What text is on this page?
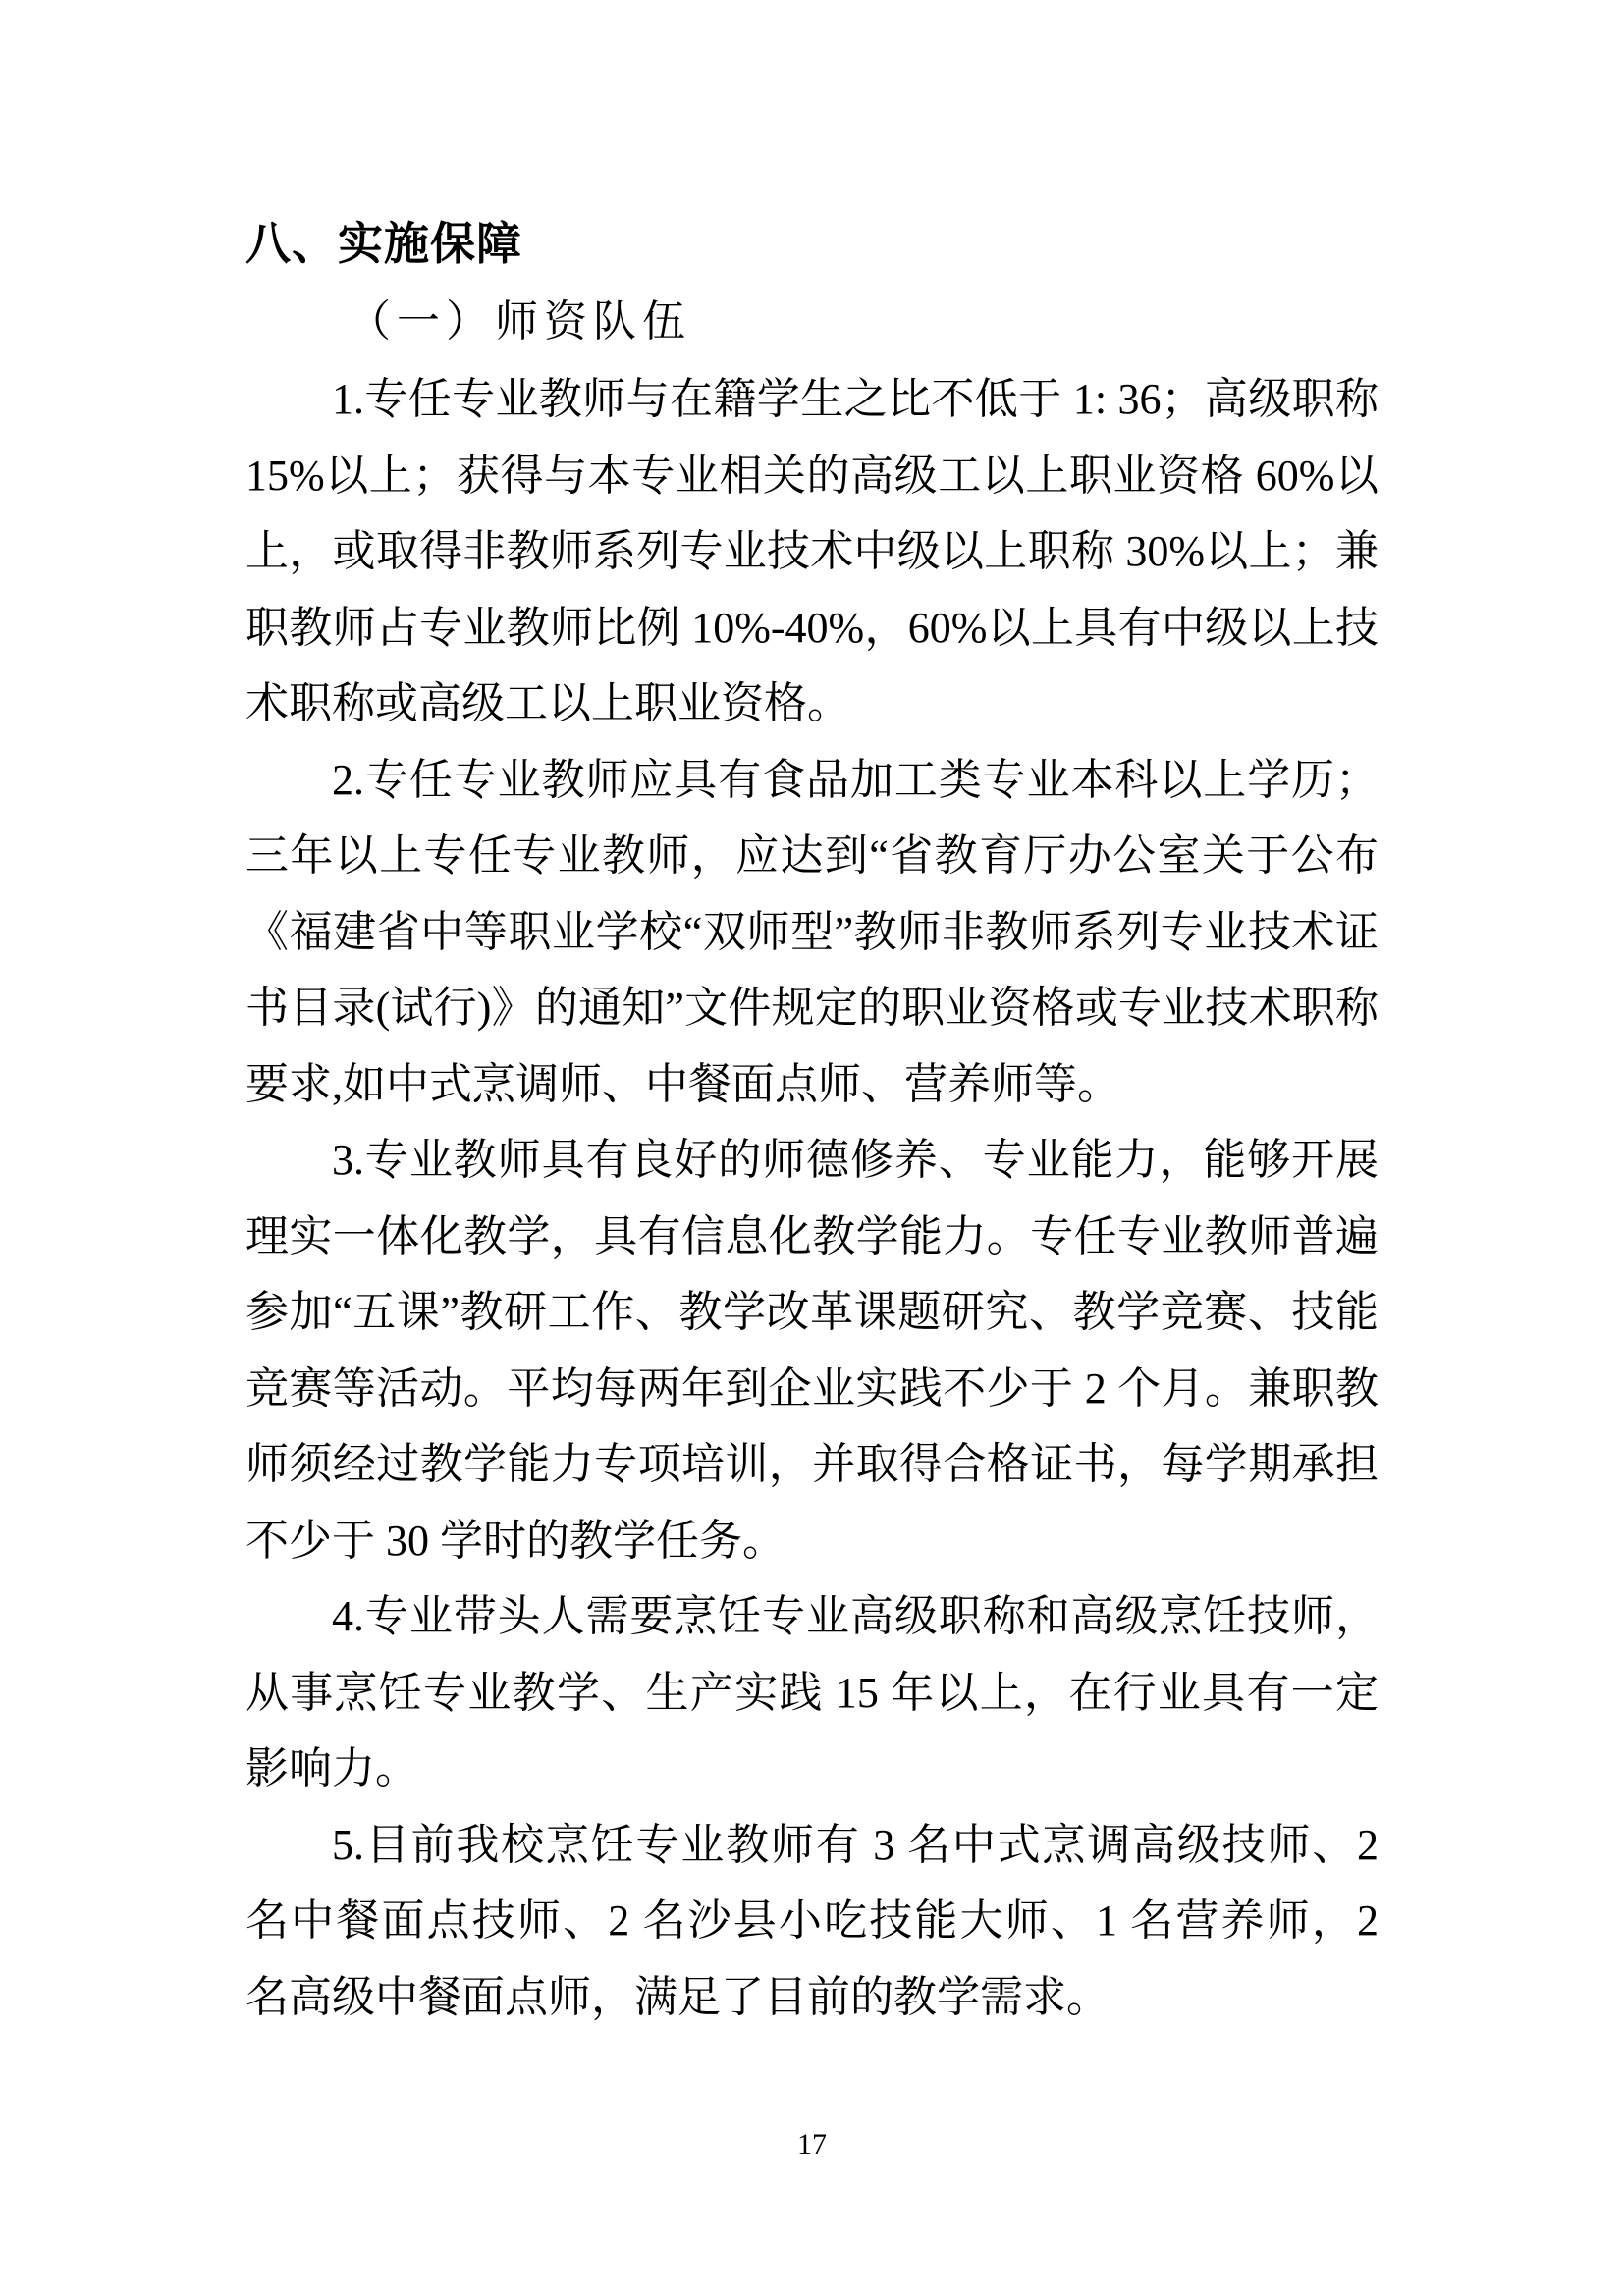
八、实施保障
（一）师资队伍

1.专任专业教师与在籍学生之比不低于 1: 36；高级职称 15%以上；获得与本专业相关的高级工以上职业资格 60%以上，或取得非教师系列专业技术中级以上职称 30%以上；兼职教师占专业教师比例 10%-40%，60%以上具有中级以上技术职称或高级工以上职业资格。

2.专任专业教师应具有食品加工类专业本科以上学历；三年以上专任专业教师，应达到“省教育厅办公室关于公布《福建省中等职业学校“双师型”教师非教师系列专业技术证书目录(试行)》的通知”文件规定的职业资格或专业技术职称要求,如中式烹调师、中餐面点师、营养师等。

3.专业教师具有良好的师德修养、专业能力，能够开展理实一体化教学，具有信息化教学能力。专任专业教师普遍参加“五课”教研工作、教学改革课题研究、教学竞赛、技能竞赛等活动。平均每两年到企业实践不少于 2 个月。兼职教师须经过教学能力专项培训，并取得合格证书，每学期承担不少于 30 学时的教学任务。

4.专业带头人需要烹饪专业高级职称和高级烹饪技师，从事烹饪专业教学、生产实践 15 年以上，在行业具有一定影响力。

5.目前我校烹饪专业教师有 3 名中式烹调高级技师、2 名中餐面点技师、2 名沙县小吃技能大师、1 名营养师，2 名高级中餐面点师，满足了目前的教学需求。

17
